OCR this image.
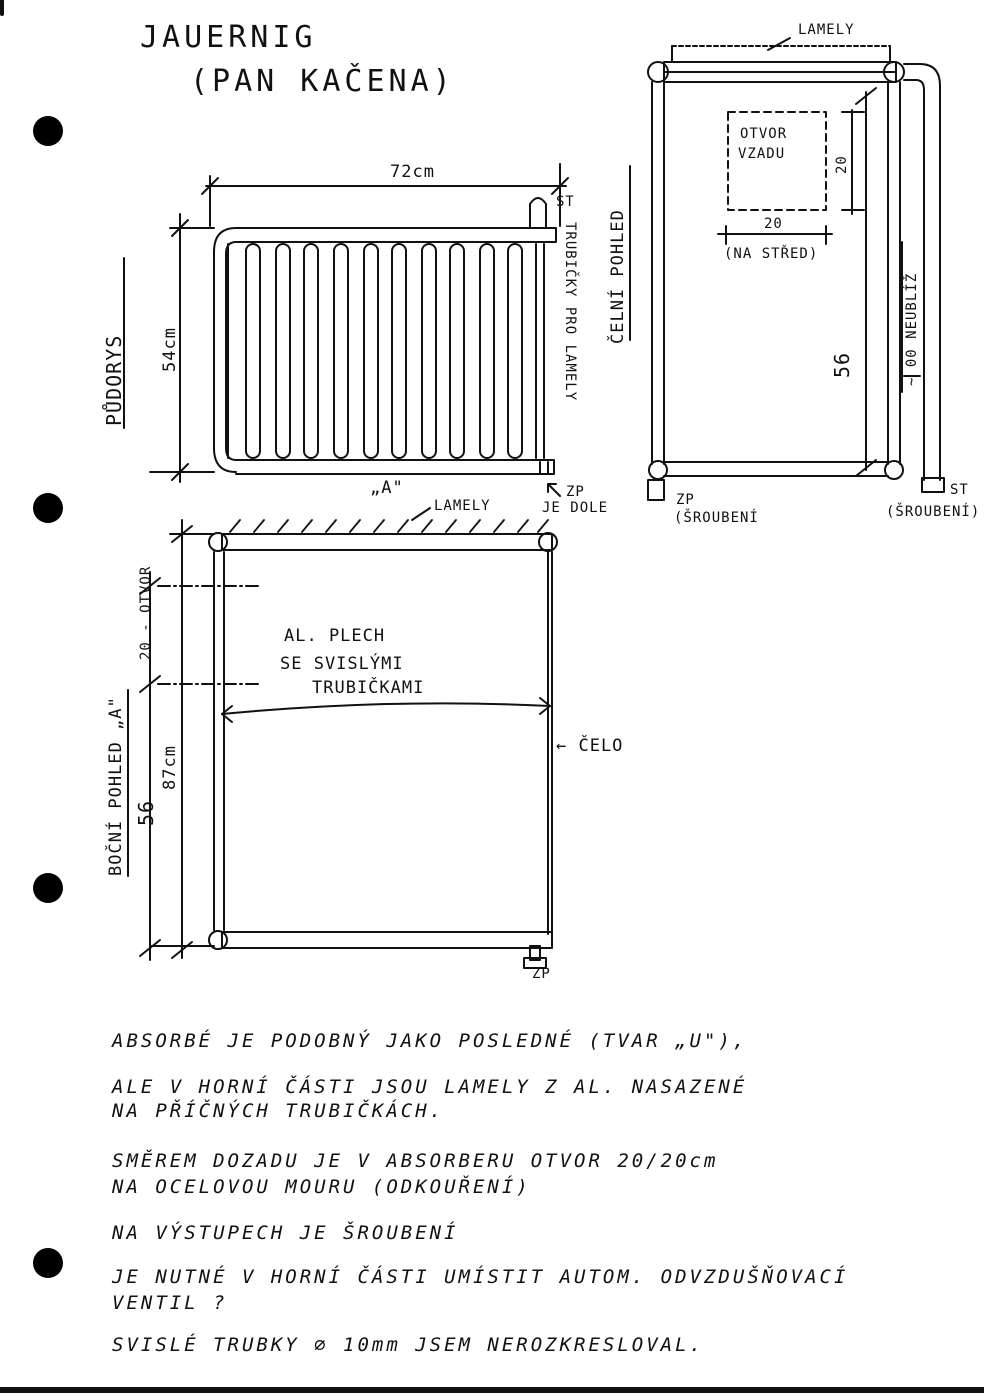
JAUERNIG
(PAN KAČENA)
PŮDORYS
72cm
54cm
„A"
ST
TRUBIČKY PRO LAMELY
ZP
JE DOLE
ČELNÍ POHLED
LAMELY
OTVOR
VZADU
20
20
(NA STŘED)
56	~ 00 NEUBLÍŽ
ZP
(ŠROUBENÍ
ST
(ŠROUBENÍ)
BOČNÍ POHLED „A"
LAMELY
20 - OTVOR
87cm
56
AL. PLECH
SE SVISLÝMI
TRUBIČKAMI
← ČELO
ZP
ABSORBÉ JE PODOBNÝ JAKO POSLEDNÉ (TVAR „U"),
ALE V HORNÍ ČÁSTI JSOU LAMELY Z AL. NASAZENÉ
NA PŘÍČNÝCH TRUBIČKÁCH.
SMĚREM DOZADU JE V ABSORBERU OTVOR 20/20cm
NA OCELOVOU MOURU (ODKOUŘENÍ)
NA VÝSTUPECH JE ŠROUBENÍ
JE NUTNÉ V HORNÍ ČÁSTI UMÍSTIT AUTOM. ODVZDUŠŇOVACÍ
VENTIL ?
SVISLÉ TRUBKY ⌀ 10mm JSEM NEROZKRESLOVAL.
